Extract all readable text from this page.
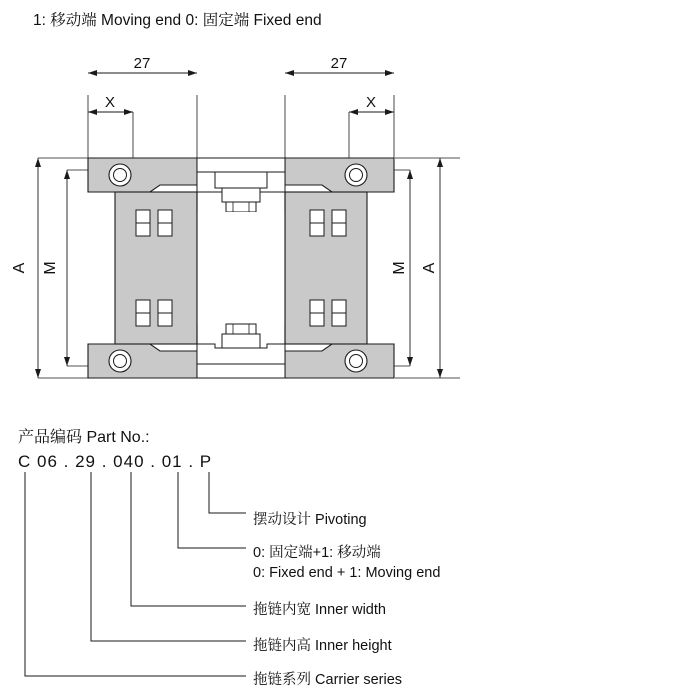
1: 移动端 Moving end 0: 固定端 Fixed end
27	27
X	X
A M	M A
产品编码 Part No.:
C 06 . 29 . 040 . 01 . P
摆动设计 Pivoting
0: 固定端+1: 移动端
0: Fixed end + 1: Moving end
拖链内宽 Inner width
拖链内高 Inner height
拖链系列 Carrier series
